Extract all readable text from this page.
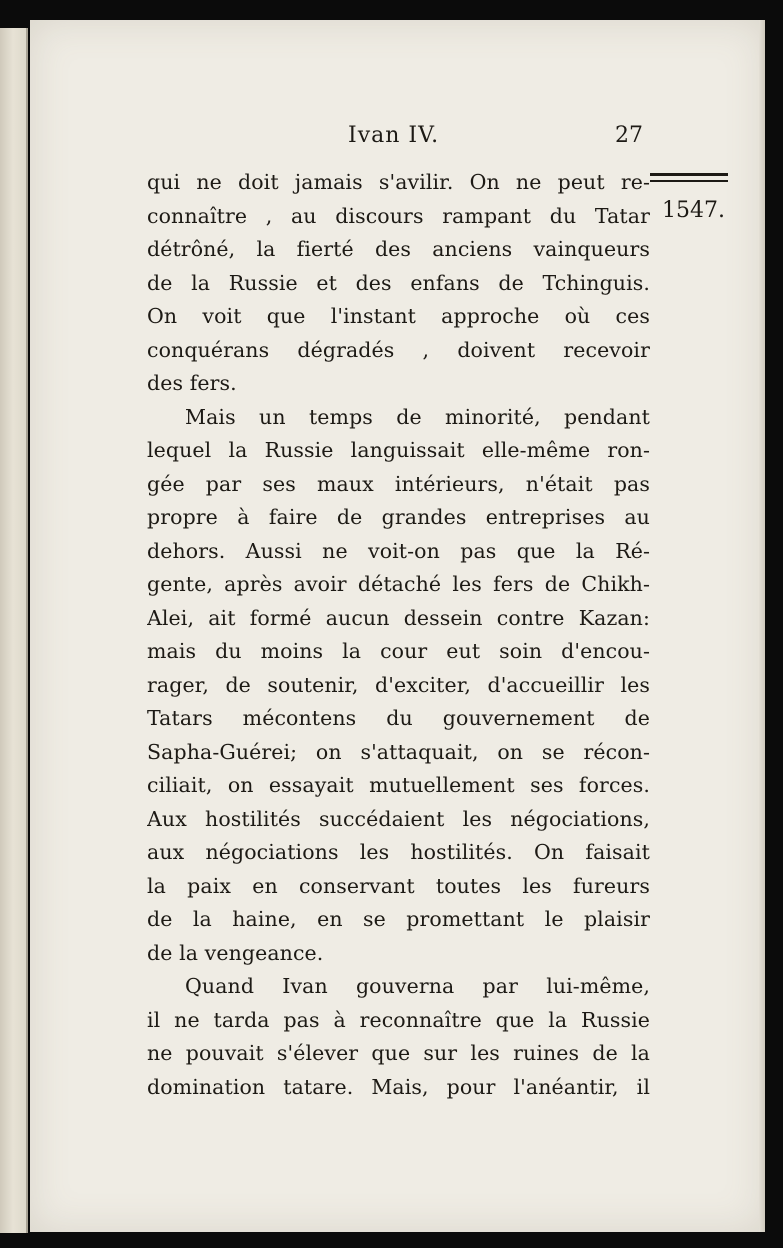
Ivan IV.	27
1547.
qui ne doit jamais s'avilir. On ne peut re-
connaître , au discours rampant du Tatar
détrôné, la fierté des anciens vainqueurs
de la Russie et des enfans de Tchinguis.
On voit que l'instant approche où ces
conquérans dégradés , doivent recevoir
des fers.
Mais un temps de minorité, pendant
lequel la Russie languissait elle-même ron-
gée par ses maux intérieurs, n'était pas
propre à faire de grandes entreprises au
dehors. Aussi ne voit-on pas que la Ré-
gente, après avoir détaché les fers de Chikh-
Alei, ait formé aucun dessein contre Kazan:
mais du moins la cour eut soin d'encou-
rager, de soutenir, d'exciter, d'accueillir les
Tatars mécontens du gouvernement de
Sapha-Guérei; on s'attaquait, on se récon-
ciliait, on essayait mutuellement ses forces.
Aux hostilités succédaient les négociations,
aux négociations les hostilités. On faisait
la paix en conservant toutes les fureurs
de la haine, en se promettant le plaisir
de la vengeance.
Quand Ivan gouverna par lui-même,
il ne tarda pas à reconnaître que la Russie
ne pouvait s'élever que sur les ruines de la
domination tatare. Mais, pour l'anéantir, il
